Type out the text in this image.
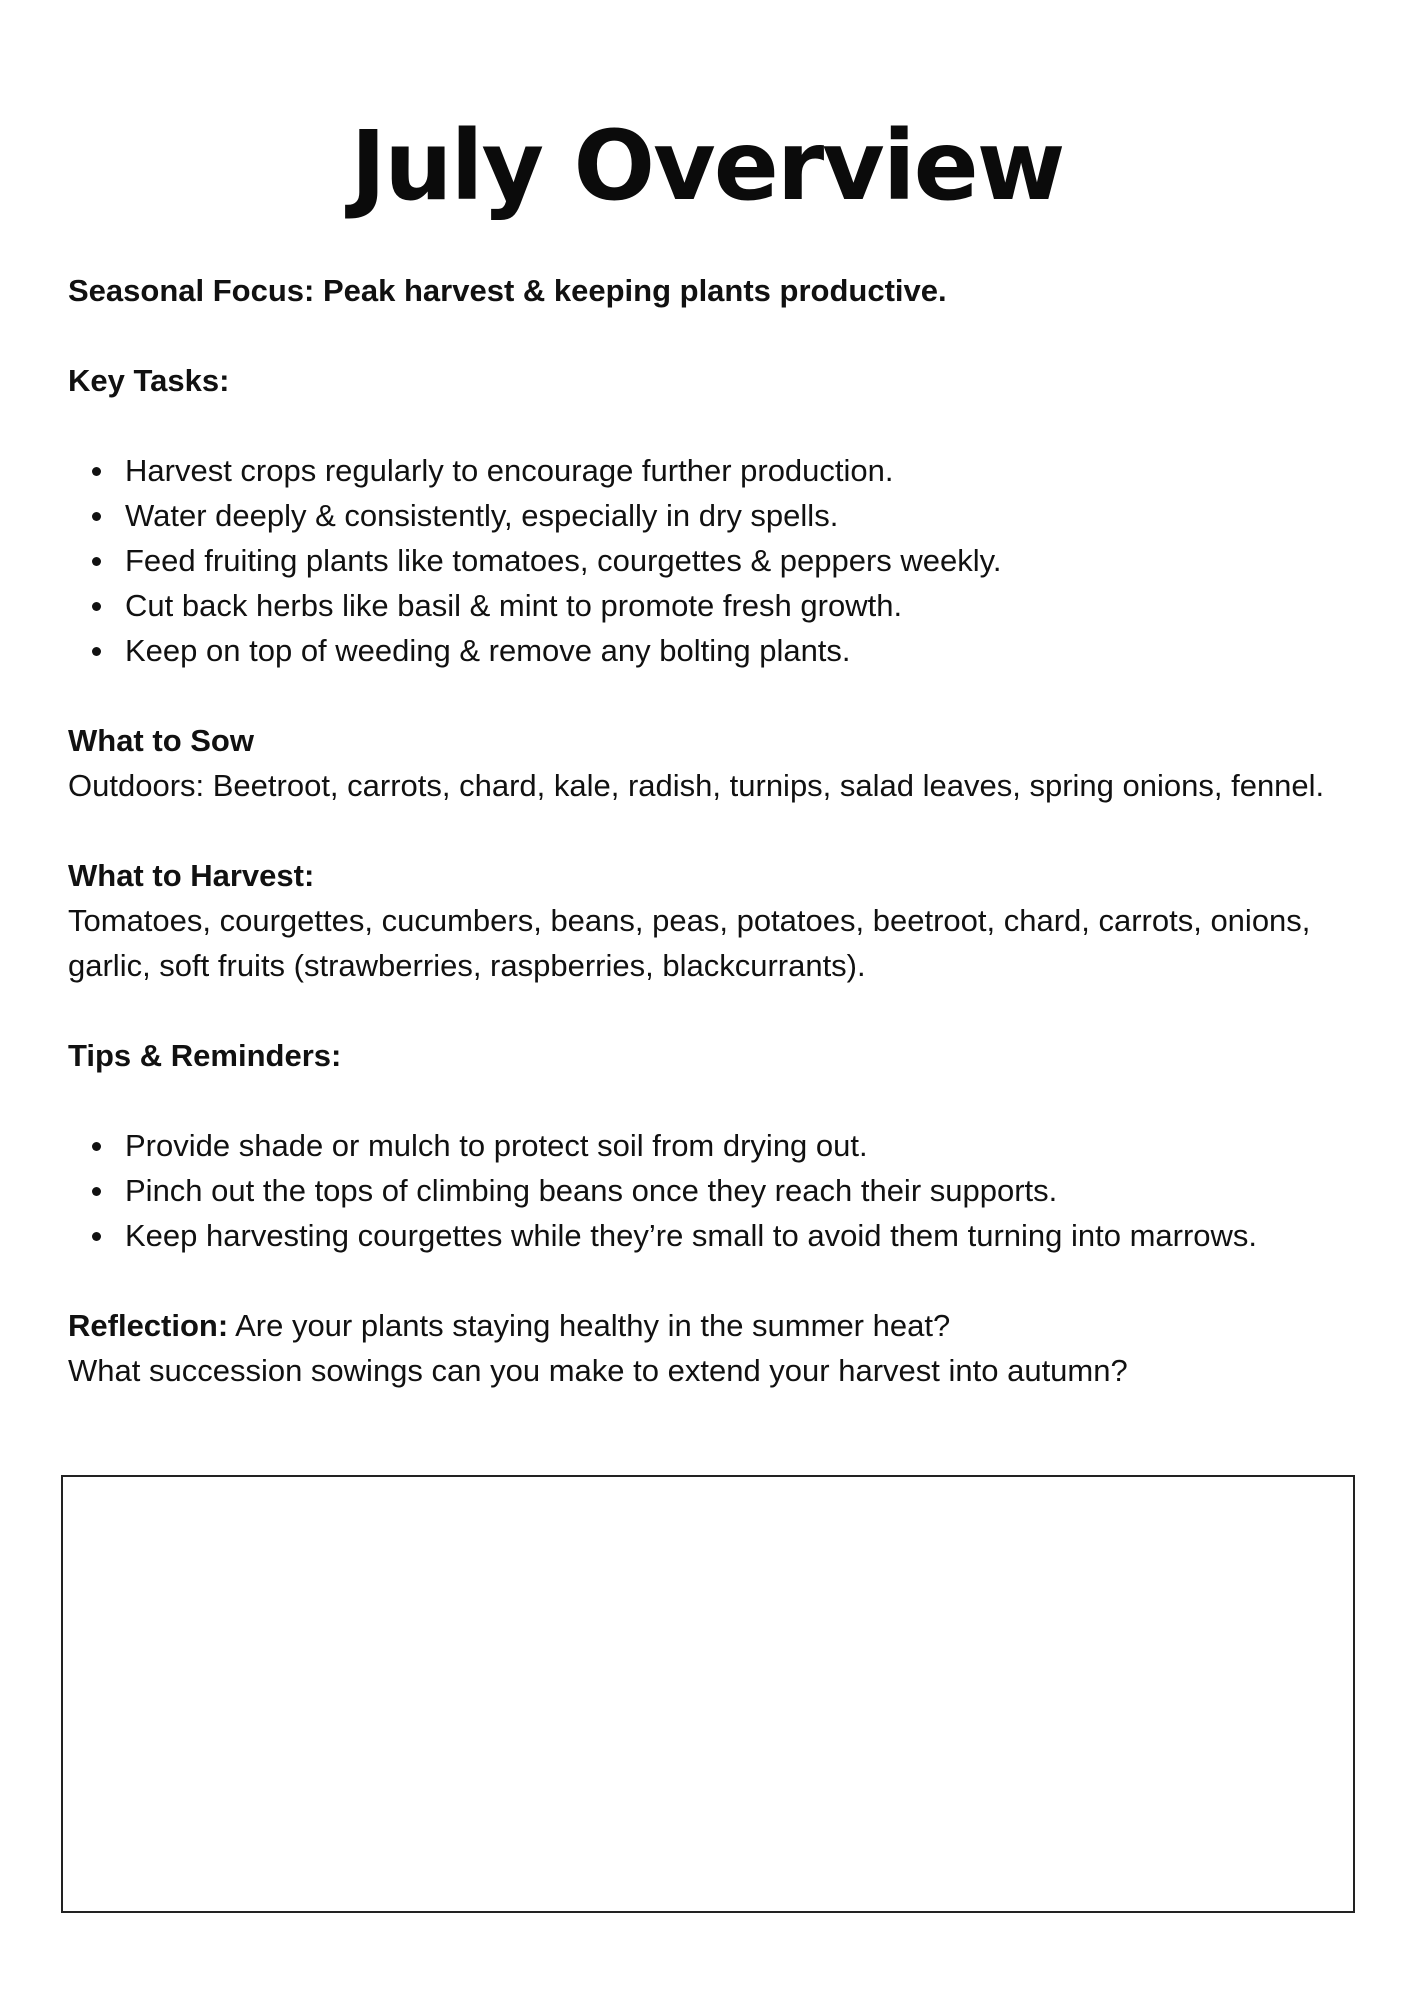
July Overview

Seasonal Focus: Peak harvest & keeping plants productive.

Key Tasks:

Harvest crops regularly to encourage further production.
Water deeply & consistently, especially in dry spells.
Feed fruiting plants like tomatoes, courgettes & peppers weekly.
Cut back herbs like basil & mint to promote fresh growth.
Keep on top of weeding & remove any bolting plants.

What to Sow

Outdoors: Beetroot, carrots, chard, kale, radish, turnips, salad leaves, spring onions, fennel.

What to Harvest:

Tomatoes, courgettes, cucumbers, beans, peas, potatoes, beetroot, chard, carrots, onions, garlic, soft fruits (strawberries, raspberries, blackcurrants).

Tips & Reminders:

Provide shade or mulch to protect soil from drying out.
Pinch out the tops of climbing beans once they reach their supports.
Keep harvesting courgettes while they’re small to avoid them turning into marrows.

Reflection: Are your plants staying healthy in the summer heat?

What succession sowings can you make to extend your harvest into autumn?
